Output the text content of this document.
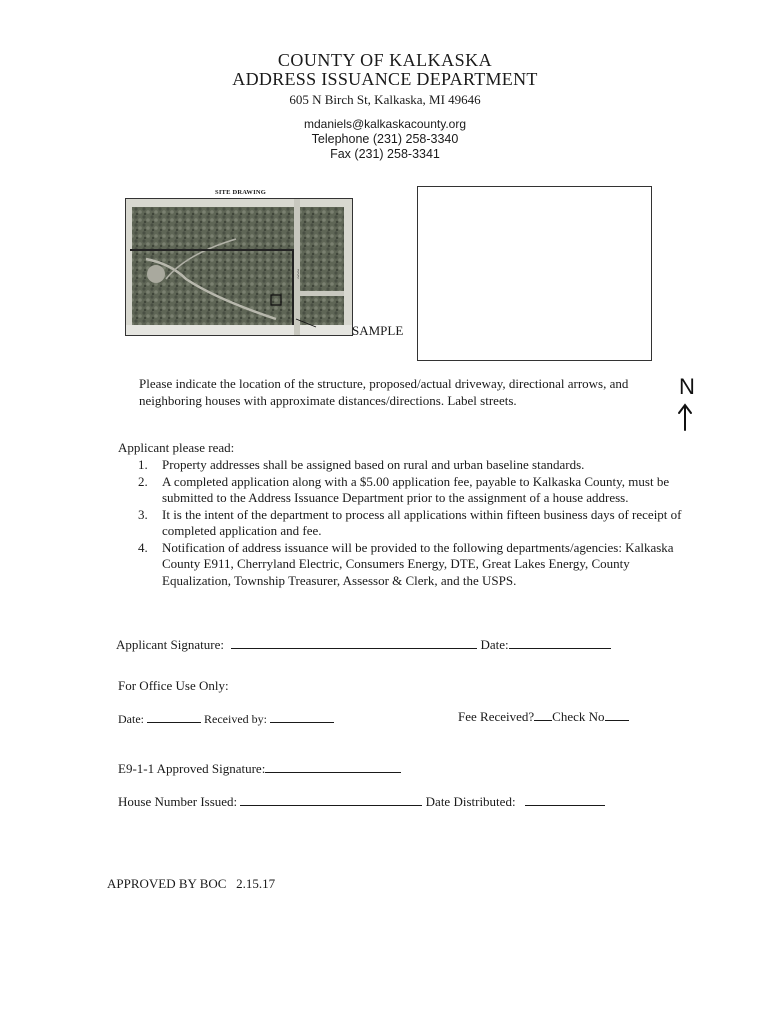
COUNTY OF KALKASKA
ADDRESS ISSUANCE DEPARTMENT
605 N Birch St, Kalkaska, MI 49646
mdaniels@kalkaskacounty.org
Telephone (231) 258-3340
Fax (231) 258-3341
SITE DRAWING
~~~
SAMPLE
Please indicate the location of the structure, proposed/actual driveway, directional arrows, and neighboring houses with approximate distances/directions. Label streets.
N
Applicant please read:
1.	Property addresses shall be assigned based on rural and urban baseline standards.
2.	A completed application along with a $5.00 application fee, payable to Kalkaska County, must be submitted to the Address Issuance Department prior to the assignment of a house address.
3.	It is the intent of the department to process all applications within fifteen business days of receipt of completed application and fee.
4.	Notification of address issuance will be provided to the following departments/agencies: Kalkaska County E911, Cherryland Electric, Consumers Energy, DTE, Great Lakes Energy, County Equalization, Township Treasurer, Assessor & Clerk, and the USPS.
Applicant Signature:	Date:
For Office Use Only:
Date:	Received by:	Fee Received? Check No
E9-1-1 Approved Signature:
House Number Issued:	Date Distributed:
APPROVED BY BOC   2.15.17
